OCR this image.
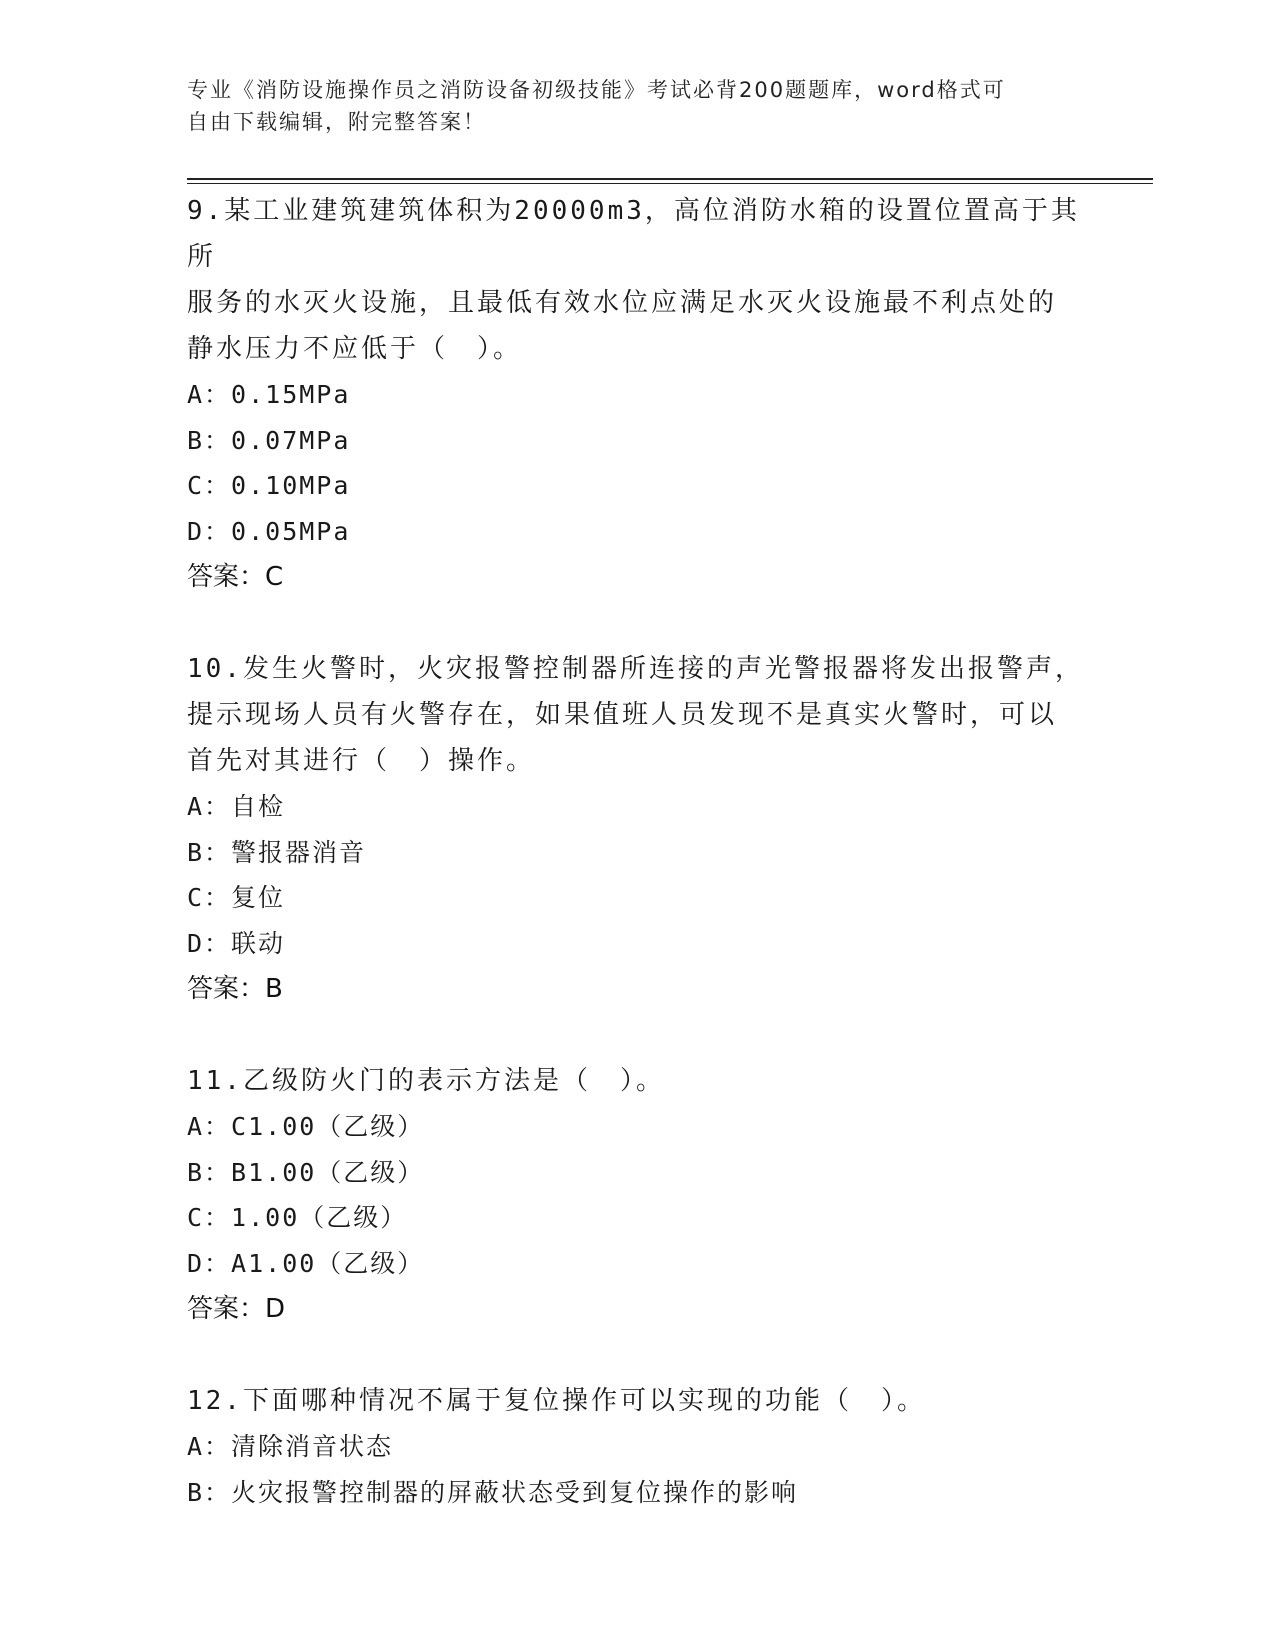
专业《消防设施操作员之消防设备初级技能》考试必背200题题库，word格式可
自由下载编辑，附完整答案！

9.某工业建筑建筑体积为20000m3，高位消防水箱的设置位置高于其所

服务的水灭火设施，且最低有效水位应满足水灭火设施最不利点处的

静水压力不应低于（　）。

A：0.15MPa

B：0.07MPa

C：0.10MPa

D：0.05MPa

答案：C

10.发生火警时，火灾报警控制器所连接的声光警报器将发出报警声，

提示现场人员有火警存在，如果值班人员发现不是真实火警时，可以

首先对其进行（　）操作。

A：自检

B：警报器消音

C：复位

D：联动

答案：B

11.乙级防火门的表示方法是（　）。

A：C1.00（乙级）

B：B1.00（乙级）

C：1.00（乙级）

D：A1.00（乙级）

答案：D

12.下面哪种情况不属于复位操作可以实现的功能（　）。

A：清除消音状态

B：火灾报警控制器的屏蔽状态受到复位操作的影响
